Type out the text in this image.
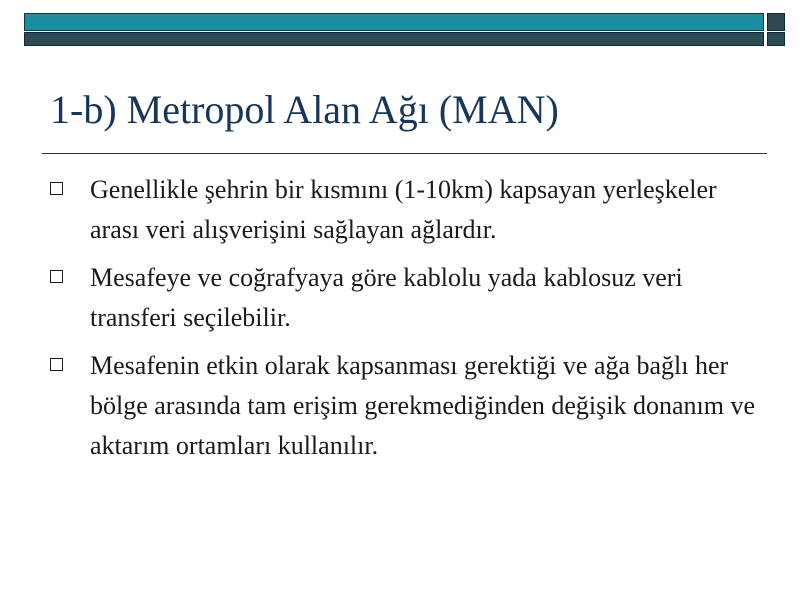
1-b) Metropol Alan Ağı (MAN)
Genellikle şehrin bir kısmını (1-10km) kapsayan yerleşkeler arası veri alışverişini sağlayan ağlardır.
Mesafeye ve coğrafyaya göre kablolu yada kablosuz veri transferi seçilebilir.
Mesafenin etkin olarak kapsanması gerektiği ve ağa bağlı her bölge arasında tam erişim gerekmediğinden değişik donanım ve aktarım ortamları kullanılır.
